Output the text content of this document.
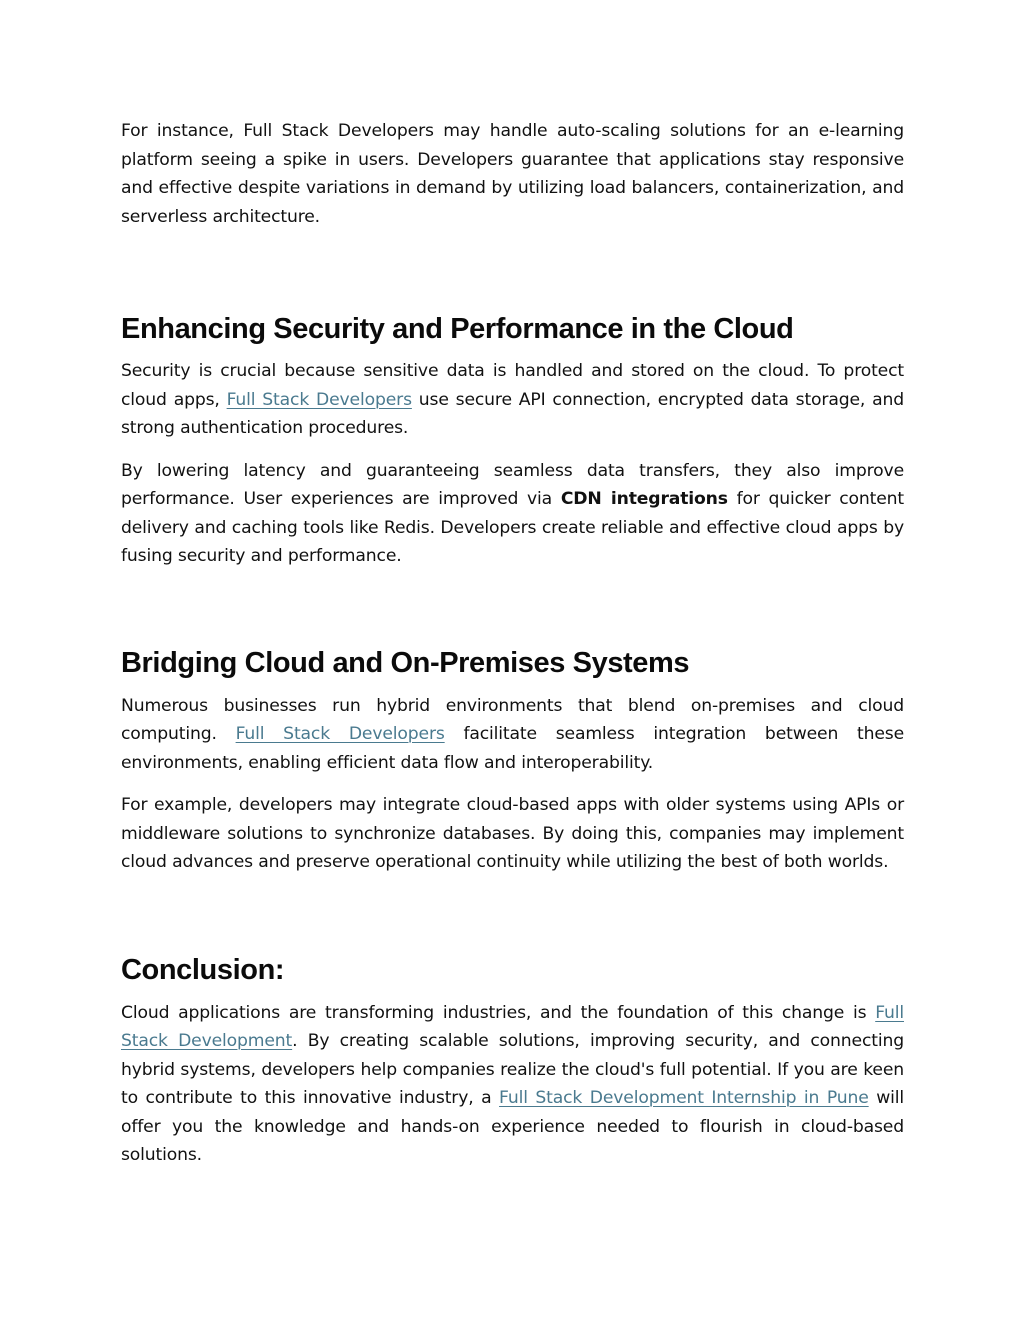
For instance, Full Stack Developers may handle auto-scaling solutions for an e-learning platform seeing a spike in users. Developers guarantee that applications stay responsive and effective despite variations in demand by utilizing load balancers, containerization, and serverless architecture.

Enhancing Security and Performance in the Cloud

Security is crucial because sensitive data is handled and stored on the cloud. To protect cloud apps, Full Stack Developers use secure API connection, encrypted data storage, and strong authentication procedures.

By lowering latency and guaranteeing seamless data transfers, they also improve performance. User experiences are improved via CDN integrations for quicker content delivery and caching tools like Redis. Developers create reliable and effective cloud apps by fusing security and performance.

Bridging Cloud and On-Premises Systems

Numerous businesses run hybrid environments that blend on-premises and cloud computing. Full Stack Developers facilitate seamless integration between these environments, enabling efficient data flow and interoperability.

For example, developers may integrate cloud-based apps with older systems using APIs or middleware solutions to synchronize databases. By doing this, companies may implement cloud advances and preserve operational continuity while utilizing the best of both worlds.

Conclusion:

Cloud applications are transforming industries, and the foundation of this change is Full Stack Development. By creating scalable solutions, improving security, and connecting hybrid systems, developers help companies realize the cloud's full potential. If you are keen to contribute to this innovative industry, a Full Stack Development Internship in Pune will offer you the knowledge and hands-on experience needed to flourish in cloud-based solutions.
